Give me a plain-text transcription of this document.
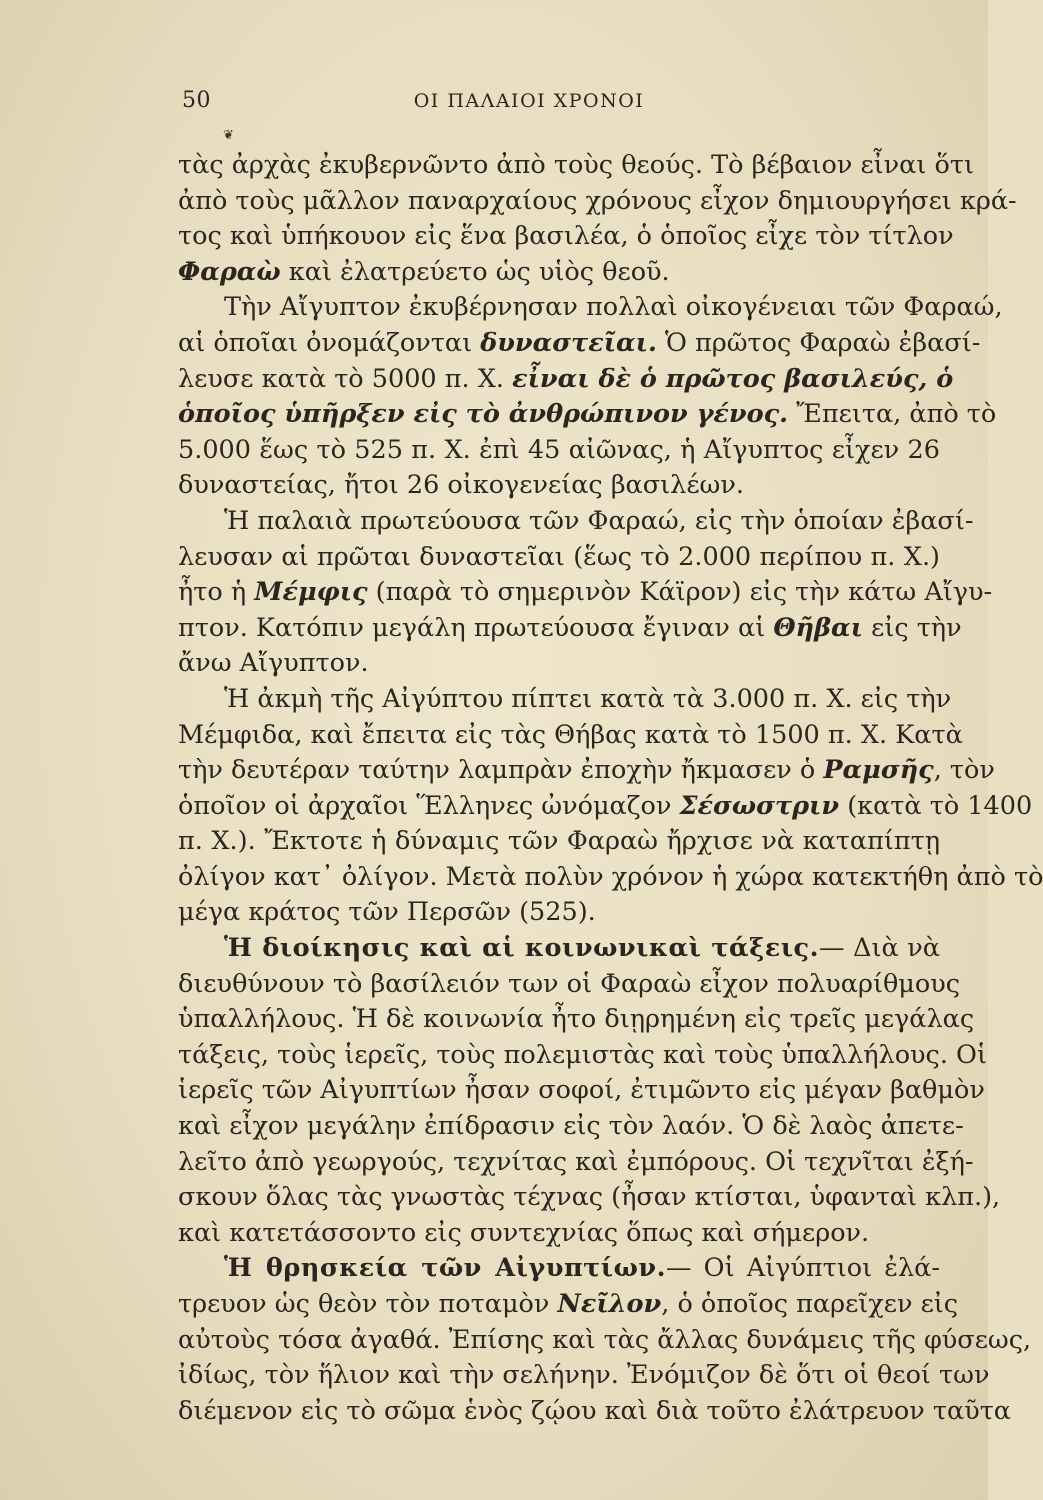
50	ΟΙ ΠΑΛΑΙΟΙ ΧΡΟΝΟΙ
❦
τὰς ἀρχὰς ἐκυβερνῶντο ἀπὸ τοὺς θεούς. Τὸ βέβαιον εἶναι ὅτι
ἀπὸ τοὺς μᾶλλον παναρχαίους χρόνους εἶχον δημιουργήσει κρά-
τος καὶ ὑπήκουον εἰς ἕνα βασιλέα, ὁ ὁποῖος εἶχε τὸν τίτλον
Φαραὼ καὶ ἐλατρεύετο ὡς υἱὸς θεοῦ.
Τὴν Αἴγυπτον ἐκυβέρνησαν πολλαὶ οἰκογένειαι τῶν Φαραώ,
αἱ ὁποῖαι ὀνομάζονται δυναστεῖαι. Ὁ πρῶτος Φαραὼ ἐβασί-
λευσε κατὰ τὸ 5000 π. Χ. εἶναι δὲ ὁ πρῶτος βασιλεύς, ὁ
ὁποῖος ὑπῆρξεν εἰς τὸ ἀνθρώπινον γένος. Ἔπειτα, ἀπὸ τὸ
5.000 ἕως τὸ 525 π. Χ. ἐπὶ 45 αἰῶνας, ἡ Αἴγυπτος εἶχεν 26
δυναστείας, ἤτοι 26 οἰκογενείας βασιλέων.
Ἡ παλαιὰ πρωτεύουσα τῶν Φαραώ, εἰς τὴν ὁποίαν ἐβασί-
λευσαν αἱ πρῶται δυναστεῖαι (ἕως τὸ 2.000 περίπου π. Χ.)
ἦτο ἡ Μέμφις (παρὰ τὸ σημερινὸν Κάϊρον) εἰς τὴν κάτω Αἴγυ-
πτον. Κατόπιν μεγάλη πρωτεύουσα ἔγιναν αἱ Θῆβαι εἰς τὴν
ἄνω Αἴγυπτον.
Ἡ ἀκμὴ τῆς Αἰγύπτου πίπτει κατὰ τὰ 3.000 π. Χ. εἰς τὴν
Μέμφιδα, καὶ ἔπειτα εἰς τὰς Θήβας κατὰ τὸ 1500 π. Χ. Κατὰ
τὴν δευτέραν ταύτην λαμπρὰν ἐποχὴν ἤκμασεν ὁ Ραμσῆς, τὸν
ὁποῖον οἱ ἀρχαῖοι Ἕλληνες ὠνόμαζον Σέσωστριν (κατὰ τὸ 1400
π. Χ.). Ἔκτοτε ἡ δύναμις τῶν Φαραὼ ἤρχισε νὰ καταπίπτῃ
ὀλίγον κατ᾽ ὀλίγον. Μετὰ πολὺν χρόνον ἡ χώρα κατεκτήθη ἀπὸ τὸ
μέγα κράτος τῶν Περσῶν (525).
Ἡ διοίκησις καὶ αἱ κοινωνικαὶ τάξεις.— Διὰ νὰ
διευθύνουν τὸ βασίλειόν των οἱ Φαραὼ εἶχον πολυαρίθμους
ὑπαλλήλους. Ἡ δὲ κοινωνία ἦτο διῃρημένη εἰς τρεῖς μεγάλας
τάξεις, τοὺς ἱερεῖς, τοὺς πολεμιστὰς καὶ τοὺς ὑπαλλήλους. Οἱ
ἱερεῖς τῶν Αἰγυπτίων ἦσαν σοφοί, ἐτιμῶντο εἰς μέγαν βαθμὸν
καὶ εἶχον μεγάλην ἐπίδρασιν εἰς τὸν λαόν. Ὁ δὲ λαὸς ἀπετε-
λεῖτο ἀπὸ γεωργούς, τεχνίτας καὶ ἐμπόρους. Οἱ τεχνῖται ἐξή-
σκουν ὅλας τὰς γνωστὰς τέχνας (ἦσαν κτίσται, ὑφανταὶ κλπ.),
καὶ κατετάσσοντο εἰς συντεχνίας ὅπως καὶ σήμερον.
Ἡ θρησκεία τῶν Αἰγυπτίων.— Οἱ Αἰγύπτιοι ἐλά-
τρευον ὡς θεὸν τὸν ποταμὸν Νεῖλον, ὁ ὁποῖος παρεῖχεν εἰς
αὐτοὺς τόσα ἀγαθά. Ἐπίσης καὶ τὰς ἄλλας δυνάμεις τῆς φύσεως,
ἰδίως, τὸν ἥλιον καὶ τὴν σελήνην. Ἐνόμιζον δὲ ὅτι οἱ θεοί των
διέμενον εἰς τὸ σῶμα ἑνὸς ζῴου καὶ διὰ τοῦτο ἐλάτρευον ταῦτα
